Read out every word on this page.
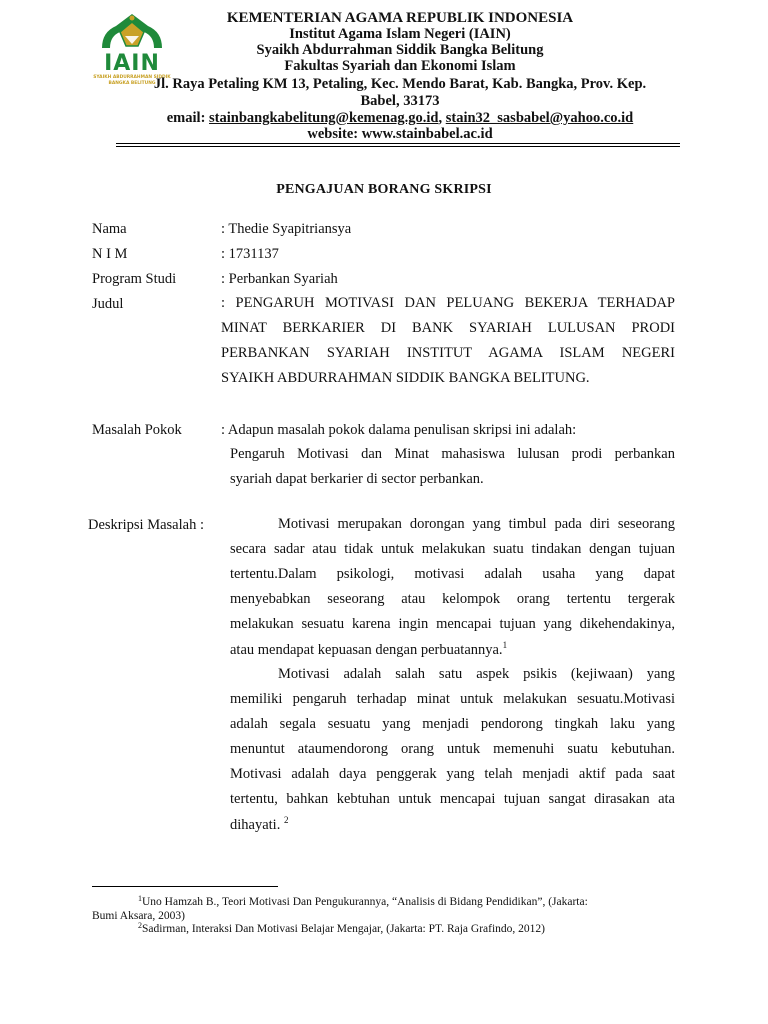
IAIN
SYAIKH ABDURRAHMAN SIDDIK
BANGKA BELITUNG
KEMENTERIAN AGAMA REPUBLIK INDONESIA
Institut Agama Islam Negeri (IAIN)
Syaikh Abdurrahman Siddik Bangka Belitung
Fakultas Syariah dan Ekonomi Islam
Jl. Raya Petaling KM 13, Petaling, Kec. Mendo Barat, Kab. Bangka, Prov. Kep.
Babel, 33173
email: stainbangkabelitung@kemenag.go.id, stain32_sasbabel@yahoo.co.id
website: www.stainbabel.ac.id
PENGAJUAN BORANG SKRIPSI
Nama	: Thedie Syapitriansya
N I M	: 1731137
Program Studi	: Perbankan Syariah
Judul	: PENGARUH MOTIVASI DAN PELUANG BEKERJA TERHADAP
MINAT BERKARIER DI BANK SYARIAH LULUSAN PRODI
PERBANKAN SYARIAH INSTITUT AGAMA ISLAM NEGERI
SYAIKH ABDURRAHMAN SIDDIK BANGKA BELITUNG.
Masalah Pokok	: Adapun masalah pokok dalama penulisan skripsi ini adalah:
Pengaruh Motivasi dan Minat mahasiswa lulusan prodi perbankan
syariah dapat berkarier di sector perbankan.
Deskripsi Masalah :	Motivasi merupakan dorongan yang timbul pada diri seseorang
secara sadar atau tidak untuk melakukan suatu tindakan dengan tujuan
tertentu.Dalam psikologi, motivasi adalah usaha yang dapat
menyebabkan seseorang atau kelompok orang tertentu tergerak
melakukan sesuatu karena ingin mencapai tujuan yang dikehendakinya,
atau mendapat kepuasan dengan perbuatannya.$^1$
Motivasi adalah salah satu aspek psikis (kejiwaan) yang
memiliki pengaruh terhadap minat untuk melakukan sesuatu.Motivasi
adalah segala sesuatu yang menjadi pendorong tingkah laku yang
menuntut ataumendorong orang untuk memenuhi suatu kebutuhan.
Motivasi adalah daya penggerak yang telah menjadi aktif pada saat
tertentu, bahkan kebtuhan untuk mencapai tujuan sangat dirasakan ata
dihayati. $^2$
$^1$Uno Hamzah B., Teori Motivasi Dan Pengukurannya, “Analisis di Bidang Pendidikan”, (Jakarta:
Bumi Aksara, 2003)
$^2$Sadirman, Interaksi Dan Motivasi Belajar Mengajar, (Jakarta: PT. Raja Grafindo, 2012)
